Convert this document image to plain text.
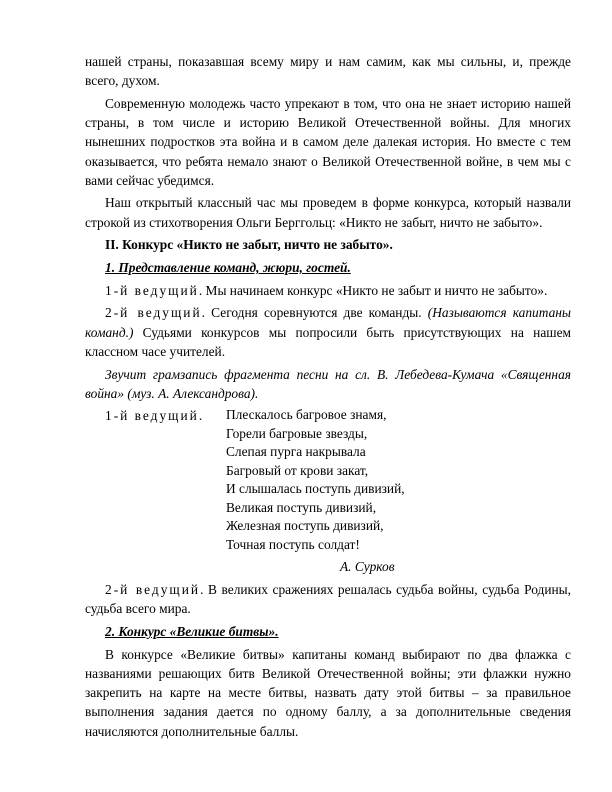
нашей страны, показавшая всему миру и нам самим, как мы сильны, и, прежде всего, духом.

Современную молодежь часто упрекают в том, что она не знает историю нашей страны, в том числе и историю Великой Отечественной войны. Для многих нынешних подростков эта война и в самом деле далекая история. Но вместе с тем оказывается, что ребята немало знают о Великой Отечественной войне, в чем мы с вами сейчас убедимся.

Наш открытый классный час мы проведем в форме конкурса, который назвали строкой из стихотворения Ольги Берггольц: «Никто не забыт, ничто не забыто».

II. Конкурс «Никто не забыт, ничто не забыто».

1. Представление команд, жюри, гостей.

1-й ведущий. Мы начинаем конкурс «Никто не забыт и ничто не забыто».

2-й ведущий. Сегодня соревнуются две команды. (Называются капитаны команд.) Судьями конкурсов мы попросили быть присутствующих на нашем классном часе учителей.

Звучит грамзапись фрагмента песни на сл. В. Лебедева-Кумача «Священная война» (муз. А. Александрова).

1-й ведущий.	Плескалось багровое знамя,
Горели багровые звезды,
Слепая пурга накрывала
Багровый от крови закат,
И слышалась поступь дивизий,
Великая поступь дивизий,
Железная поступь дивизий,
Точная поступь солдат!
А. Сурков

2-й ведущий. В великих сражениях решалась судьба войны, судьба Родины, судьба всего мира.

2. Конкурс «Великие битвы».

В конкурсе «Великие битвы» капитаны команд выбирают по два флажка с названиями решающих битв Великой Отечественной войны; эти флажки нужно закрепить на карте на месте битвы, назвать дату этой битвы – за правильное выполнения задания дается по одному баллу, а за дополнительные сведения начисляются дополнительные баллы.
